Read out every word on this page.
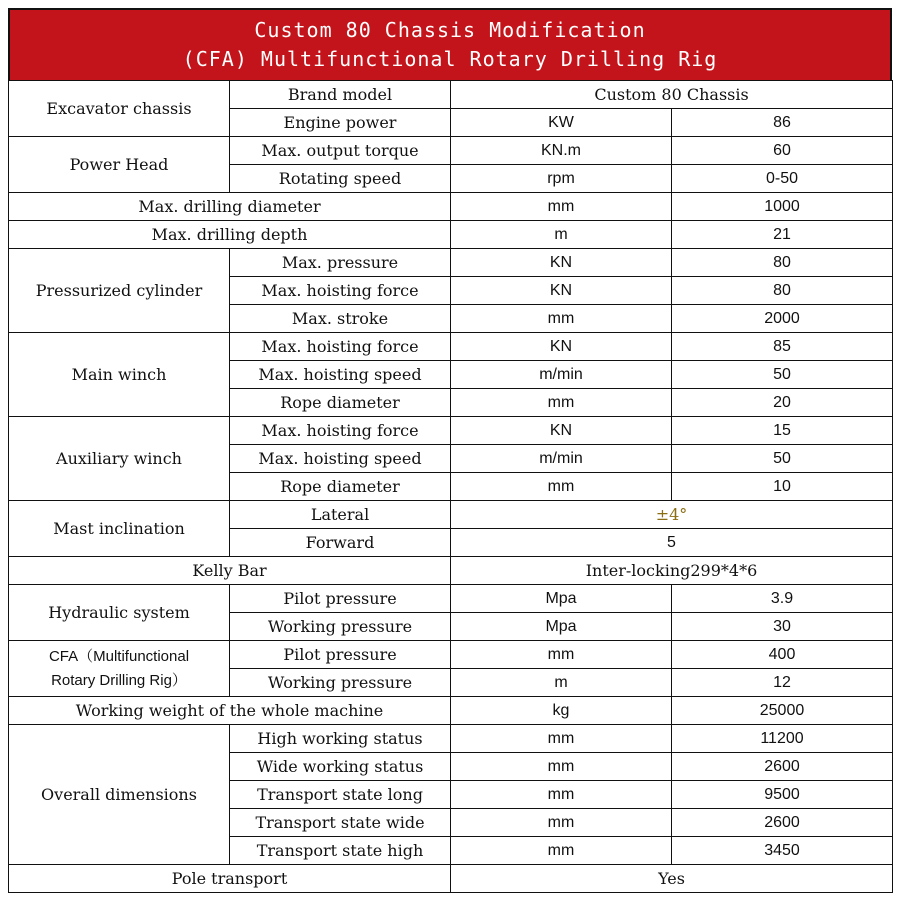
Custom 80 Chassis Modification
(CFA) Multifunctional Rotary Drilling Rig
Excavator chassis	Brand model	Custom 80 Chassis	
	Engine power	KW	86
Power Head	Max. output torque	KN.m	60
	Rotating speed	rpm	0-50
Max. drilling diameter		mm	1000
Max. drilling depth		m	21
Pressurized cylinder	Max. pressure	KN	80
	Max. hoisting force	KN	80
	Max. stroke	mm	2000
Main winch	Max. hoisting force	KN	85
	Max. hoisting speed	m/min	50
	Rope diameter	mm	20
Auxiliary winch	Max. hoisting force	KN	15
	Max. hoisting speed	m/min	50
	Rope diameter	mm	10
Mast inclination	Lateral	±4°	
	Forward	5	
Kelly Bar		Inter-locking299*4*6	
Hydraulic system	Pilot pressure	Mpa	3.9
	Working pressure	Mpa	30

CFA（Multifunctional
Rotary Drilling Rig）	Pilot pressure	mm	400
	Working pressure	m	12
Working weight of the whole machine		kg	25000
Overall dimensions	High working status	mm	11200
	Wide working status	mm	2600
	Transport state long	mm	9500
	Transport state wide	mm	2600
	Transport state high	mm	3450
Pole transport		Yes	
